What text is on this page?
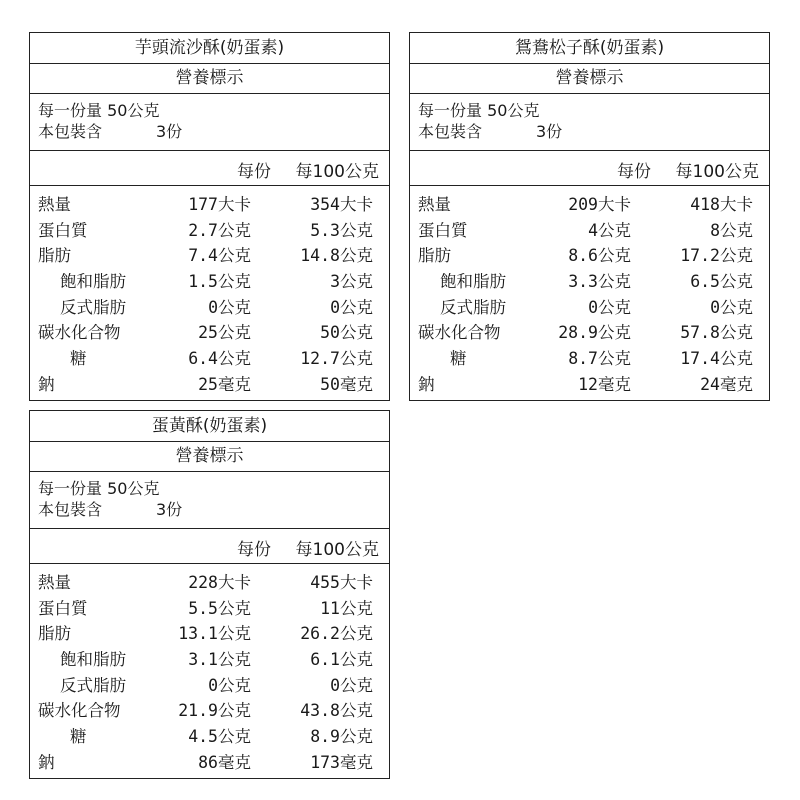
芋頭流沙酥(奶蛋素)
營養標示
每一份量
50公克
本包裝含	3份
每份 每100公克
熱量	177大卡	354大卡
蛋白質	2.7公克	5.3公克
脂肪	7.4公克	14.8公克
飽和脂肪	1.5公克	3公克
反式脂肪	0公克	0公克
碳水化合物	25公克	50公克
糖	6.4公克	12.7公克
鈉	25毫克	50毫克
鴛鴦松子酥(奶蛋素)
營養標示
每一份量
50公克
本包裝含	3份
每份 每100公克
熱量	209大卡	418大卡
蛋白質	4公克	8公克
脂肪	8.6公克	17.2公克
飽和脂肪	3.3公克	6.5公克
反式脂肪	0公克	0公克
碳水化合物	28.9公克	57.8公克
糖	8.7公克	17.4公克
鈉	12毫克	24毫克
蛋黃酥(奶蛋素)
營養標示
每一份量
50公克
本包裝含	3份
每份 每100公克
熱量	228大卡	455大卡
蛋白質	5.5公克	11公克
脂肪	13.1公克	26.2公克
飽和脂肪	3.1公克	6.1公克
反式脂肪	0公克	0公克
碳水化合物	21.9公克	43.8公克
糖	4.5公克	8.9公克
鈉	86毫克	173毫克
